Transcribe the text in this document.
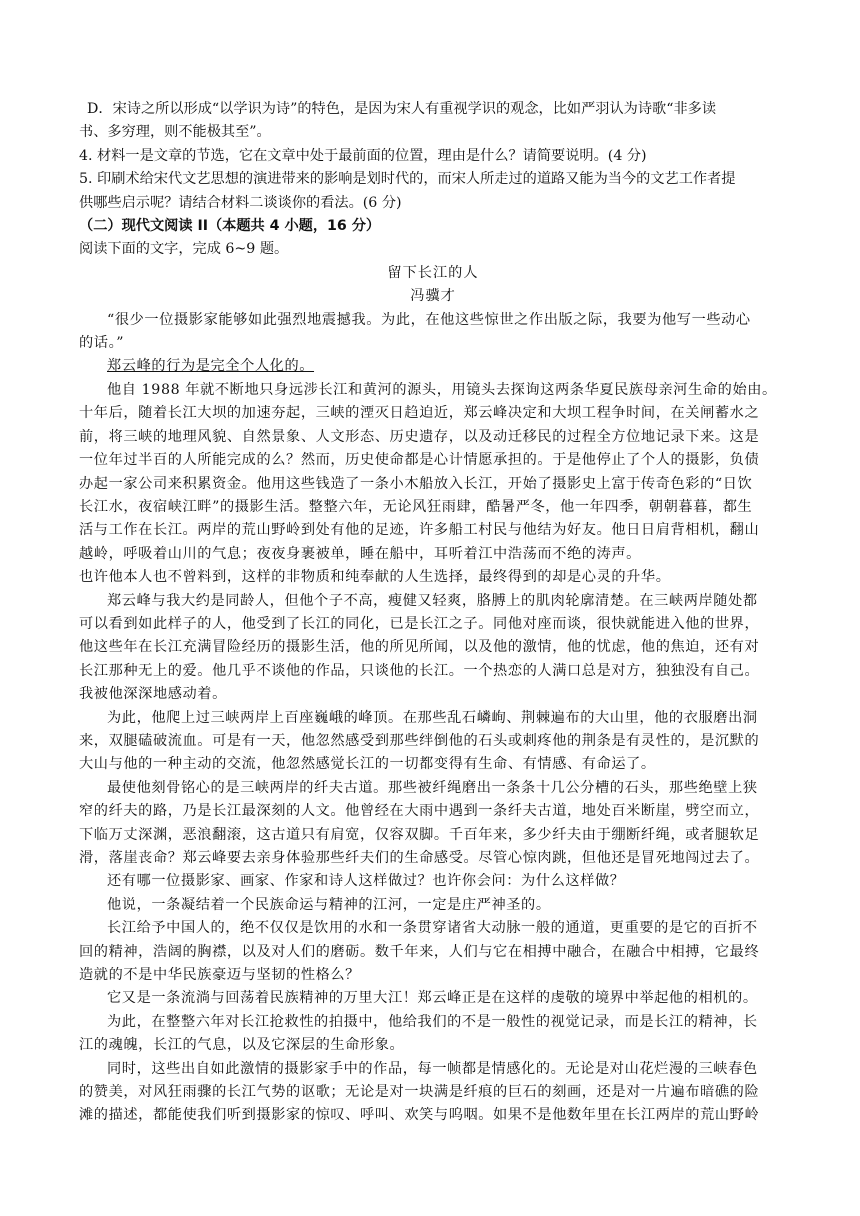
D．宋诗之所以形成“以学识为诗”的特色，是因为宋人有重视学识的观念，比如严羽认为诗歌“非多读
书、多穷理，则不能极其至”。
4. 材料一是文章的节选，它在文章中处于最前面的位置，理由是什么？请简要说明。(4 分)
5. 印刷术给宋代文艺思想的演进带来的影响是划时代的，而宋人所走过的道路又能为当今的文艺工作者提
供哪些启示呢？请结合材料二谈谈你的看法。(6 分)
（二）现代文阅读 II（本题共 4 小题，16 分）
阅读下面的文字，完成 6~9 题。
留下长江的人
冯骥才
“很少一位摄影家能够如此强烈地震撼我。为此，在他这些惊世之作出版之际，我要为他写一些动心
的话。”
郑云峰的行为是完全个人化的。
他自 1988 年就不断地只身远涉长江和黄河的源头，用镜头去探询这两条华夏民族母亲河生命的始由。
十年后，随着长江大坝的加速夯起，三峡的湮灭日趋迫近，郑云峰决定和大坝工程争时间，在关闸蓄水之
前，将三峡的地理风貌、自然景象、人文形态、历史遗存，以及动迁移民的过程全方位地记录下来。这是
一位年过半百的人所能完成的么？然而，历史使命都是心计情愿承担的。于是他停止了个人的摄影，负债
办起一家公司来积累资金。他用这些钱造了一条小木船放入长江，开始了摄影史上富于传奇色彩的“日饮
长江水，夜宿峡江畔”的摄影生活。整整六年，无论风狂雨肆，酷暑严冬，他一年四季，朝朝暮暮，都生
活与工作在长江。两岸的荒山野岭到处有他的足迹，许多船工村民与他结为好友。他日日肩背相机，翻山
越岭，呼吸着山川的气息；夜夜身裹被单，睡在船中，耳听着江中浩荡而不绝的涛声。
也许他本人也不曾料到，这样的非物质和纯奉献的人生选择，最终得到的却是心灵的升华。
郑云峰与我大约是同龄人，但他个子不高，瘦健又轻爽，胳膊上的肌肉轮廓清楚。在三峡两岸随处都
可以看到如此样子的人，他受到了长江的同化，已是长江之子。同他对座而谈，很快就能进入他的世界，
他这些年在长江充满冒险经历的摄影生活，他的所见所闻，以及他的激情，他的忧虑，他的焦迫，还有对
长江那种无上的爱。他几乎不谈他的作品，只谈他的长江。一个热恋的人满口总是对方，独独没有自己。
我被他深深地感动着。
为此，他爬上过三峡两岸上百座巍峨的峰顶。在那些乱石嶙峋、荆棘遍布的大山里，他的衣服磨出洞
来，双腿磕破流血。可是有一天，他忽然感受到那些绊倒他的石头或刺疼他的荆条是有灵性的，是沉默的
大山与他的一种主动的交流，他忽然感觉长江的一切都变得有生命、有情感、有命运了。
最使他刻骨铭心的是三峡两岸的纤夫古道。那些被纤绳磨出一条条十几公分槽的石头，那些绝壁上狭
窄的纤夫的路，乃是长江最深刻的人文。他曾经在大雨中遇到一条纤夫古道，地处百米断崖，劈空而立，
下临万丈深渊，恶浪翻滚，这古道只有肩宽，仅容双脚。千百年来，多少纤夫由于绷断纤绳，或者腿软足
滑，落崖丧命？郑云峰要去亲身体验那些纤夫们的生命感受。尽管心惊肉跳，但他还是冒死地闯过去了。
还有哪一位摄影家、画家、作家和诗人这样做过？也许你会问：为什么这样做？
他说，一条凝结着一个民族命运与精神的江河，一定是庄严神圣的。
长江给予中国人的，绝不仅仅是饮用的水和一条贯穿诸省大动脉一般的通道，更重要的是它的百折不
回的精神，浩阔的胸襟，以及对人们的磨砺。数千年来，人们与它在相搏中融合，在融合中相搏，它最终
造就的不是中华民族豪迈与坚韧的性格么？
它又是一条流淌与回荡着民族精神的万里大江！郑云峰正是在这样的虔敬的境界中举起他的相机的。
为此，在整整六年对长江抢救性的拍摄中，他给我们的不是一般性的视觉记录，而是长江的精神，长
江的魂魄，长江的气息，以及它深层的生命形象。
同时，这些出自如此激情的摄影家手中的作品，每一帧都是情感化的。无论是对山花烂漫的三峡春色
的赞美，对风狂雨骤的长江气势的讴歌；无论是对一块满是纤痕的巨石的刻画，还是对一片遍布暗礁的险
滩的描述，都能使我们听到摄影家的惊叹、呼叫、欢笑与呜咽。如果不是他数年里在长江两岸的荒山野岭
